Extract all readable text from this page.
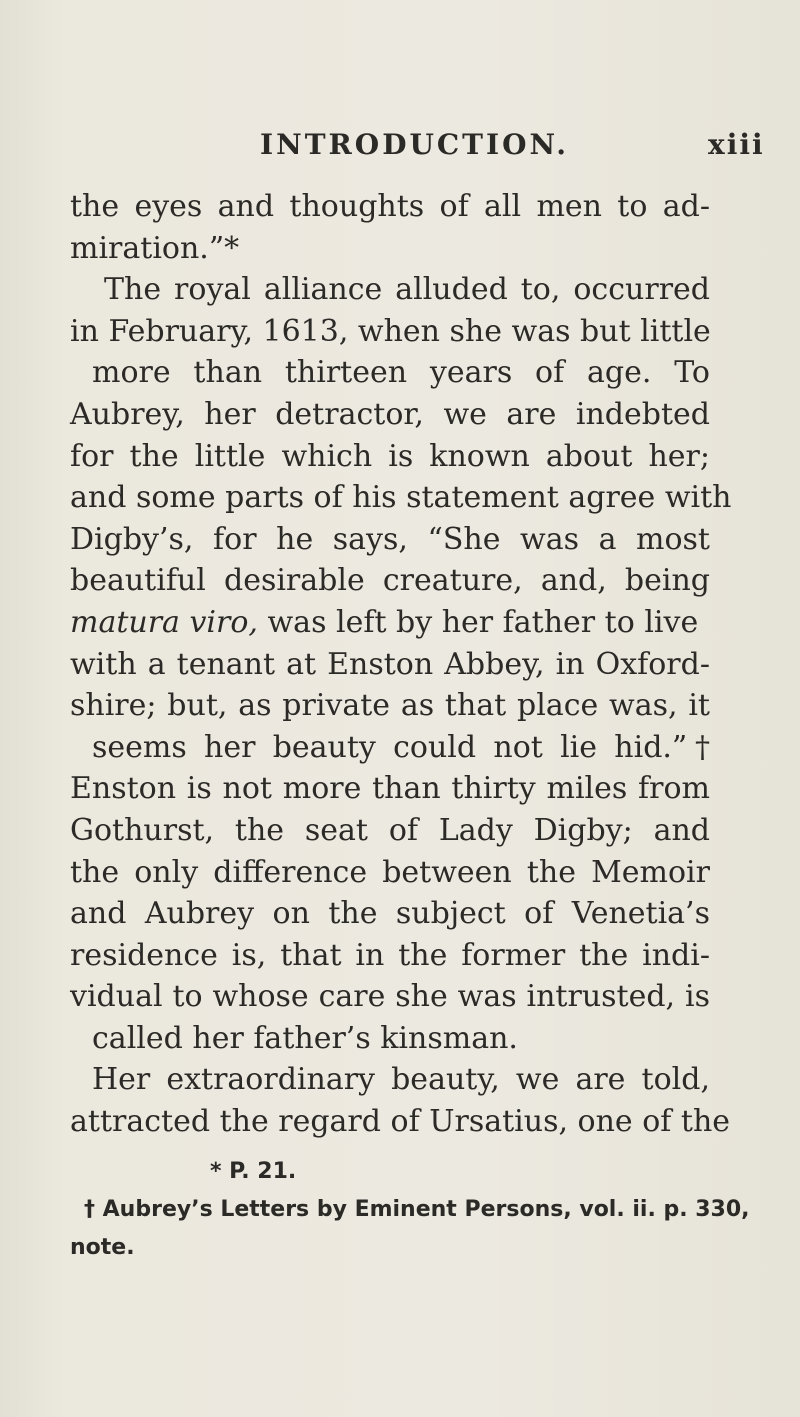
INTRODUCTION.	xiii
the eyes and thoughts of all men to ad-
miration.”*
The royal alliance alluded to, occurred
in February, 1613, when she was but little
more than thirteen years of age. To
Aubrey, her detractor, we are indebted
for the little which is known about her;
and some parts of his statement agree with
Digby’s, for he says, “She was a most
beautiful desirable creature, and, being
matura viro, was left by her father to live
with a tenant at Enston Abbey, in Oxford-
shire; but, as private as that place was, it
seems her beauty could not lie hid.”†
Enston is not more than thirty miles from
Gothurst, the seat of Lady Digby; and
the only difference between the Memoir
and Aubrey on the subject of Venetia’s
residence is, that in the former the indi-
vidual to whose care she was intrusted, is
called her father’s kinsman.
Her extraordinary beauty, we are told,
attracted the regard of Ursatius, one of the
* P. 21.
† Aubrey’s Letters by Eminent Persons, vol. ii. p. 330,
note.
